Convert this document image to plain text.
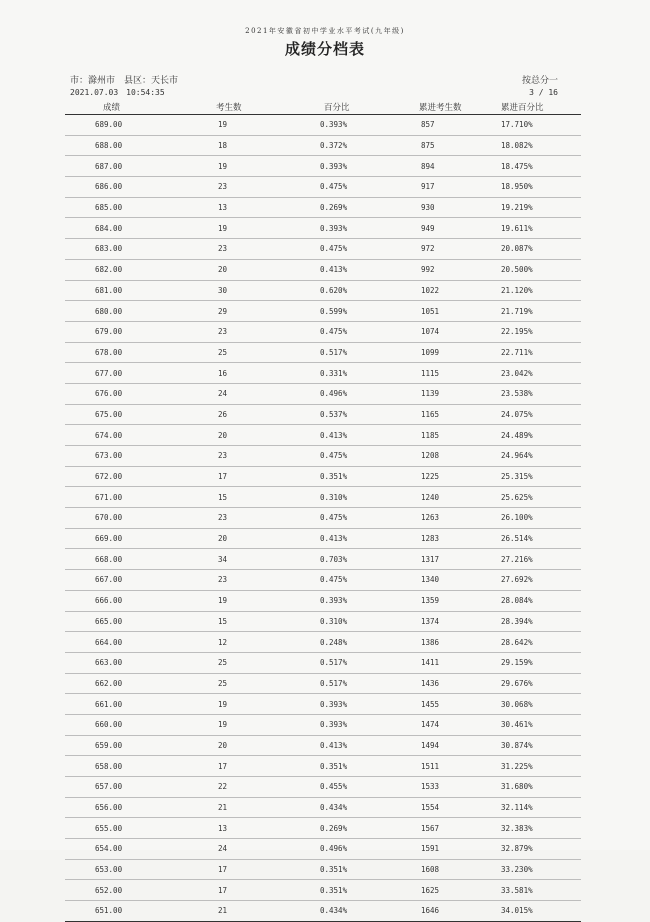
2021年安徽省初中学业水平考试(九年级)
成绩分档表
市：滁州市　县区：天长市
2021.07.03　10:54:35
按总分一
3 / 16
成绩	考生数	百分比	累进考生数	累进百分比
689.00	19	0.393%	857	17.710%
688.00	18	0.372%	875	18.082%
687.00	19	0.393%	894	18.475%
686.00	23	0.475%	917	18.950%
685.00	13	0.269%	930	19.219%
684.00	19	0.393%	949	19.611%
683.00	23	0.475%	972	20.087%
682.00	20	0.413%	992	20.500%
681.00	30	0.620%	1022	21.120%
680.00	29	0.599%	1051	21.719%
679.00	23	0.475%	1074	22.195%
678.00	25	0.517%	1099	22.711%
677.00	16	0.331%	1115	23.042%
676.00	24	0.496%	1139	23.538%
675.00	26	0.537%	1165	24.075%
674.00	20	0.413%	1185	24.489%
673.00	23	0.475%	1208	24.964%
672.00	17	0.351%	1225	25.315%
671.00	15	0.310%	1240	25.625%
670.00	23	0.475%	1263	26.100%
669.00	20	0.413%	1283	26.514%
668.00	34	0.703%	1317	27.216%
667.00	23	0.475%	1340	27.692%
666.00	19	0.393%	1359	28.084%
665.00	15	0.310%	1374	28.394%
664.00	12	0.248%	1386	28.642%
663.00	25	0.517%	1411	29.159%
662.00	25	0.517%	1436	29.676%
661.00	19	0.393%	1455	30.068%
660.00	19	0.393%	1474	30.461%
659.00	20	0.413%	1494	30.874%
658.00	17	0.351%	1511	31.225%
657.00	22	0.455%	1533	31.680%
656.00	21	0.434%	1554	32.114%
655.00	13	0.269%	1567	32.383%
654.00	24	0.496%	1591	32.879%
653.00	17	0.351%	1608	33.230%
652.00	17	0.351%	1625	33.581%
651.00	21	0.434%	1646	34.015%
